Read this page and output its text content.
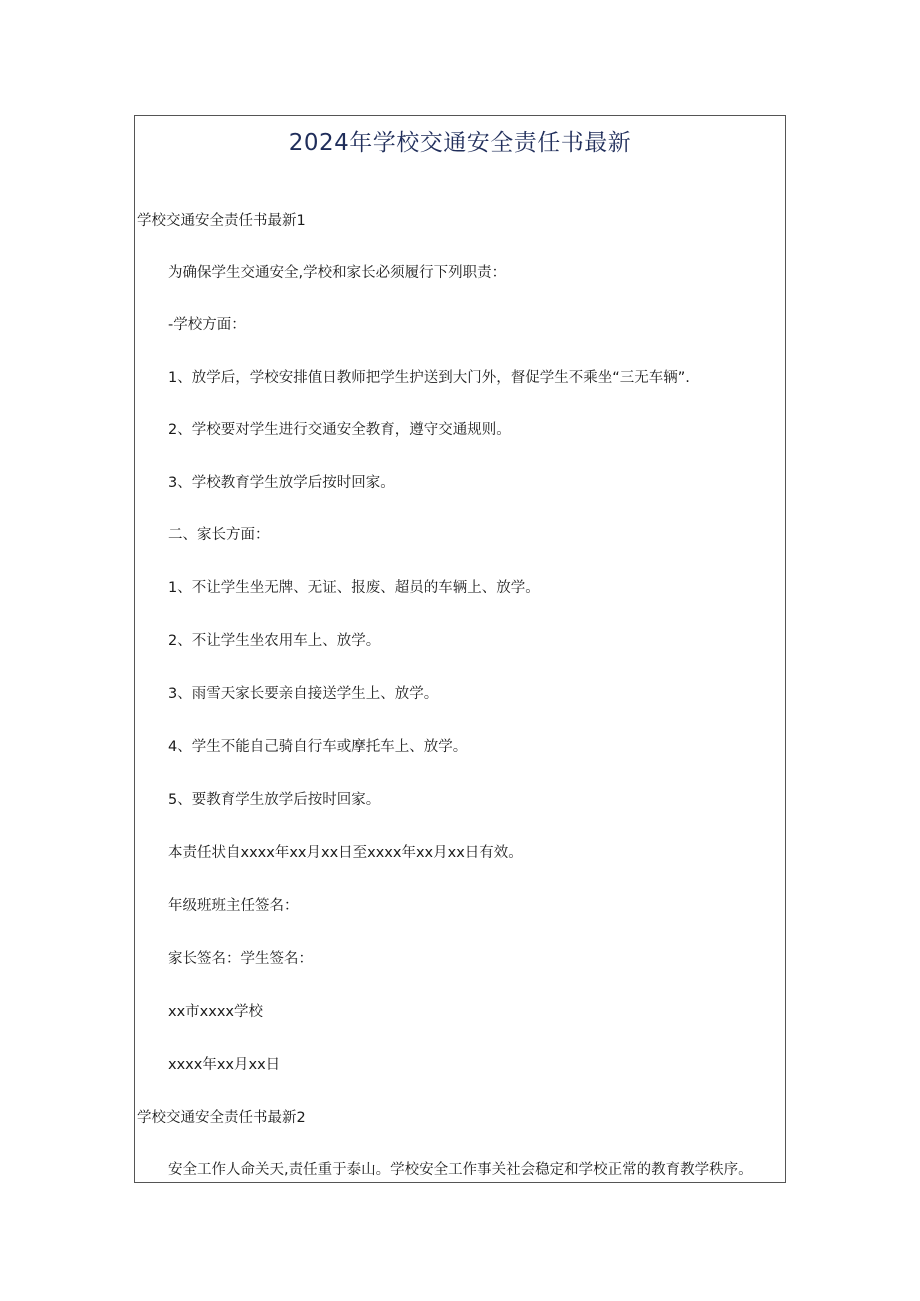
2024年学校交通安全责任书最新
学校交通安全责任书最新1
为确保学生交通安全,学校和家长必须履行下列职责：
-学校方面：
1、放学后，学校安排值日教师把学生护送到大门外，督促学生不乘坐“三无车辆”.
2、学校要对学生进行交通安全教育，遵守交通规则。
3、学校教育学生放学后按时回家。
二、家长方面：
1、不让学生坐无牌、无证、报废、超员的车辆上、放学。
2、不让学生坐农用车上、放学。
3、雨雪天家长要亲自接送学生上、放学。
4、学生不能自己骑自行车或摩托车上、放学。
5、要教育学生放学后按时回家。
本责任状自xxxx年xx月xx日至xxxx年xx月xx日有效。
年级班班主任签名：
家长签名：学生签名：
xx市xxxx学校
xxxx年xx月xx日
学校交通安全责任书最新2
安全工作人命关天,责任重于泰山。学校安全工作事关社会稳定和学校正常的教育教学秩序。
